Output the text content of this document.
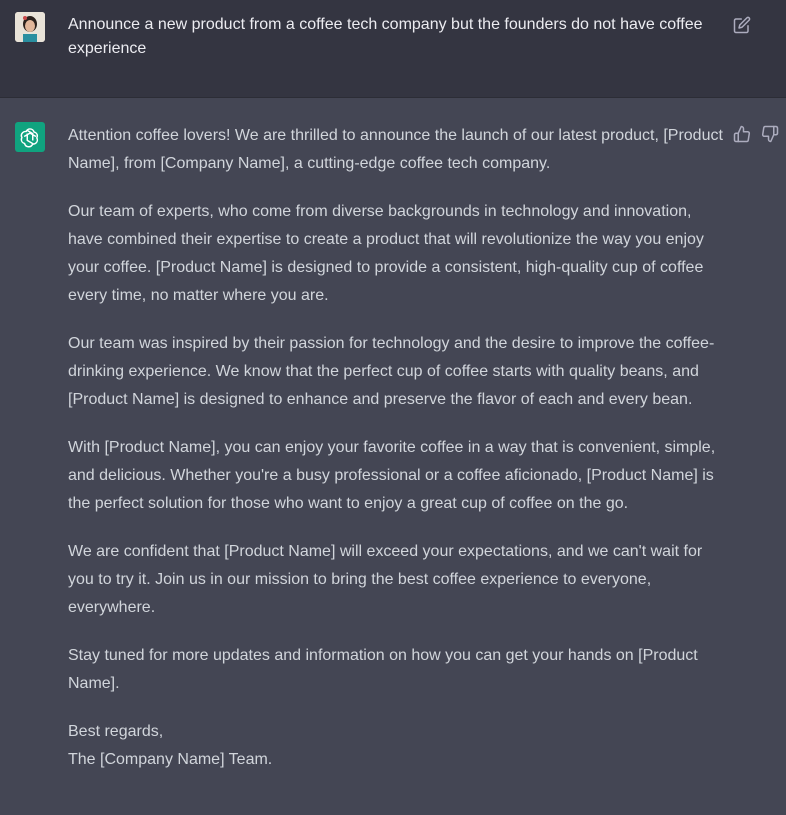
Announce a new product from a coffee tech company but the founders do not have coffee experience

Attention coffee lovers! We are thrilled to announce the launch of our latest product, [Product Name], from [Company Name], a cutting-edge coffee tech company.

Our team of experts, who come from diverse backgrounds in technology and innovation, have combined their expertise to create a product that will revolutionize the way you enjoy your coffee. [Product Name] is designed to provide a consistent, high-quality cup of coffee every time, no matter where you are.

Our team was inspired by their passion for technology and the desire to improve the coffee-drinking experience. We know that the perfect cup of coffee starts with quality beans, and [Product Name] is designed to enhance and preserve the flavor of each and every bean.

With [Product Name], you can enjoy your favorite coffee in a way that is convenient, simple, and delicious. Whether you're a busy professional or a coffee aficionado, [Product Name] is the perfect solution for those who want to enjoy a great cup of coffee on the go.

We are confident that [Product Name] will exceed your expectations, and we can't wait for you to try it. Join us in our mission to bring the best coffee experience to everyone, everywhere.

Stay tuned for more updates and information on how you can get your hands on [Product Name].

Best regards,
The [Company Name] Team.
